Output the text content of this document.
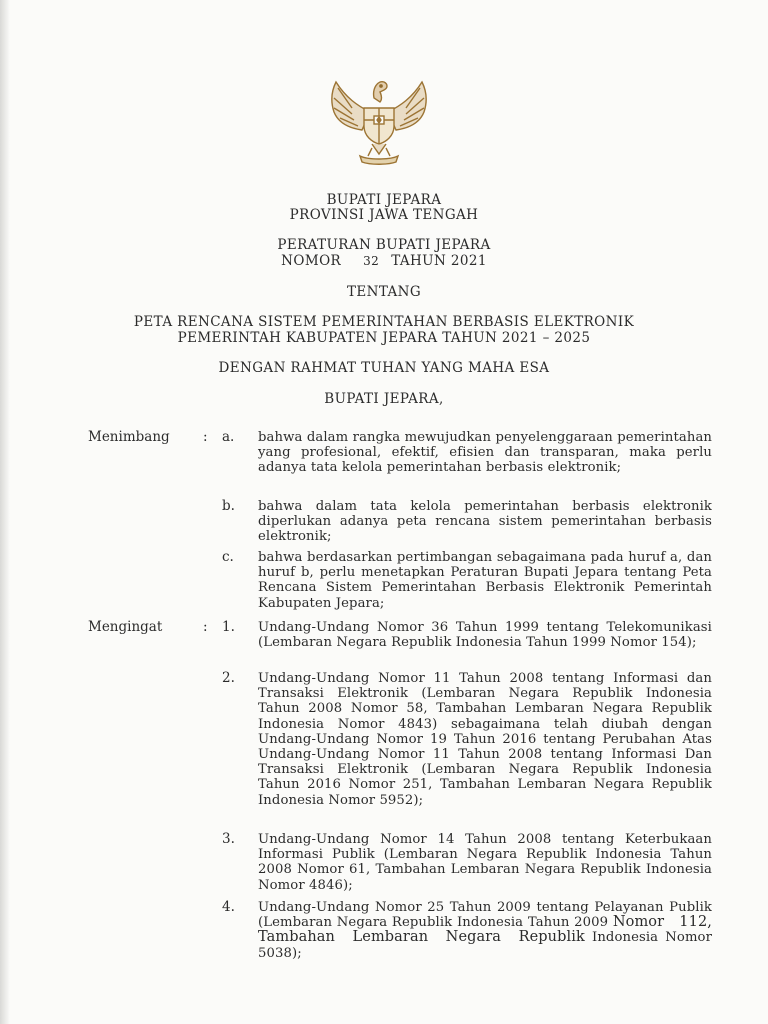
BUPATI JEPARA
PROVINSI JAWA TENGAH
PERATURAN BUPATI JEPARA
NOMOR 32 TAHUN 2021
TENTANG
PETA RENCANA SISTEM PEMERINTAHAN BERBASIS ELEKTRONIK
PEMERINTAH KABUPATEN JEPARA TAHUN 2021 – 2025
DENGAN RAHMAT TUHAN YANG MAHA ESA
BUPATI JEPARA,
Menimbang : a. bahwa dalam rangka mewujudkan penyelenggaraan pemerintahan yang profesional, efektif, efisien dan transparan, maka perlu adanya tata kelola pemerintahan berbasis elektronik;
b. bahwa dalam tata kelola pemerintahan berbasis elektronik diperlukan adanya peta rencana sistem pemerintahan berbasis elektronik;
c. bahwa berdasarkan pertimbangan sebagaimana pada huruf a, dan huruf b, perlu menetapkan Peraturan Bupati Jepara tentang Peta Rencana Sistem Pemerintahan Berbasis Elektronik Pemerintah Kabupaten Jepara;
Mengingat	: 1. Undang-Undang Nomor 36 Tahun 1999 tentang Telekomunikasi (Lembaran Negara Republik Indonesia Tahun 1999 Nomor 154);
2. Undang-Undang Nomor 11 Tahun 2008 tentang Informasi dan Transaksi Elektronik (Lembaran Negara Republik Indonesia Tahun 2008 Nomor 58, Tambahan Lembaran Negara Republik Indonesia Nomor 4843) sebagaimana telah diubah dengan Undang-Undang Nomor 19 Tahun 2016 tentang Perubahan Atas Undang-Undang Nomor 11 Tahun 2008 tentang Informasi Dan Transaksi Elektronik (Lembaran Negara Republik Indonesia Tahun 2016 Nomor 251, Tambahan Lembaran Negara Republik Indonesia Nomor 5952);
3. Undang-Undang Nomor 14 Tahun 2008 tentang Keterbukaan Informasi Publik (Lembaran Negara Republik Indonesia Tahun 2008 Nomor 61, Tambahan Lembaran Negara Republik Indonesia Nomor 4846);
4. Undang-Undang Nomor 25 Tahun 2009 tentang Pelayanan Publik (Lembaran Negara Republik Indonesia Tahun 2009 Nomor 112, Tambahan Lembaran Negara Republik Indonesia Nomor 5038);
